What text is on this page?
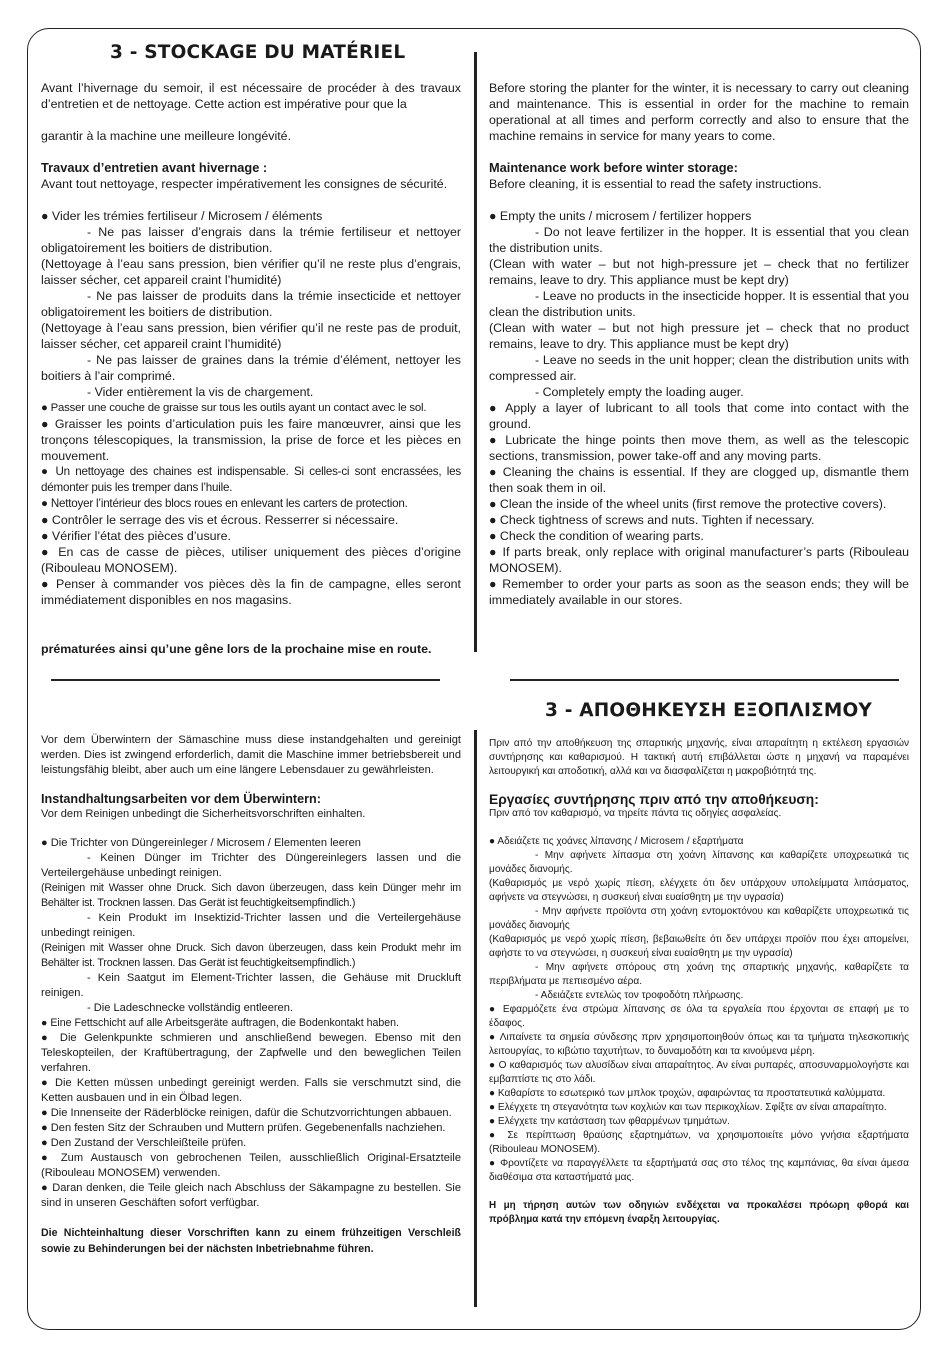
3 - STOCKAGE DU MATÉRIEL

Avant l’hivernage du semoir, il est nécessaire de procéder à des travaux d’entretien et de nettoyage. Cette action est impérative pour que la

garantir à la machine une meilleure longévité.

Travaux d’entretien avant hivernage :

Avant tout nettoyage, respecter impérativement les consignes de sécurité.

● Vider les trémies fertiliseur / Microsem / éléments

- Ne pas laisser d’engrais dans la trémie fertiliseur et nettoyer obligatoirement les boitiers de distribution.

(Nettoyage à l’eau sans pression, bien vérifier qu’il ne reste plus d’engrais, laisser sécher, cet appareil craint l’humidité)

- Ne pas laisser de produits dans la trémie insecticide et nettoyer obligatoirement les boitiers de distribution.

(Nettoyage à l’eau sans pression, bien vérifier qu’il ne reste pas de produit, laisser sécher, cet appareil craint l’humidité)

- Ne pas laisser de graines dans la trémie d’élément, nettoyer les boitiers à l’air comprimé.

- Vider entièrement la vis de chargement.

● Passer une couche de graisse sur tous les outils ayant un contact avec le sol.

● Graisser les points d’articulation puis les faire manœuvrer, ainsi que les tronçons télescopiques, la transmission, la prise de force et les pièces en mouvement.

● Un nettoyage des chaines est indispensable. Si celles-ci sont encrassées, les démonter puis les tremper dans l’huile.

● Nettoyer l’intérieur des blocs roues en enlevant les carters de protection.

● Contrôler le serrage des vis et écrous. Resserrer si nécessaire.

● Vérifier l’état des pièces d’usure.

● En cas de casse de pièces, utiliser uniquement des pièces d’origine (Ribouleau MONOSEM).

● Penser à commander vos pièces dès la fin de campagne, elles seront immédiatement disponibles en nos magasins.

prématurées ainsi qu’une gêne lors de la prochaine mise en route.

Before storing the planter for the winter, it is necessary to carry out cleaning and maintenance. This is essential in order for the machine to remain operational at all times and perform correctly and also to ensure that the machine remains in service for many years to come.

Maintenance work before winter storage:

Before cleaning, it is essential to read the safety instructions.

● Empty the units / microsem / fertilizer hoppers

- Do not leave fertilizer in the hopper. It is essential that you clean the distribution units.

(Clean with water – but not high-pressure jet – check that no fertilizer remains, leave to dry. This appliance must be kept dry)

- Leave no products in the insecticide hopper. It is essential that you clean the distribution units.

(Clean with water – but not high pressure jet – check that no product remains, leave to dry. This appliance must be kept dry)

- Leave no seeds in the unit hopper; clean the distribution units with compressed air.

- Completely empty the loading auger.

● Apply a layer of lubricant to all tools that come into contact with the ground.

● Lubricate the hinge points then move them, as well as the telescopic sections, transmission, power take-off and any moving parts.

● Cleaning the chains is essential. If they are clogged up, dismantle them then soak them in oil.

● Clean the inside of the wheel units (first remove the protective covers).

● Check tightness of screws and nuts. Tighten if necessary.

● Check the condition of wearing parts.

● If parts break, only replace with original manufacturer’s parts (Ribouleau MONOSEM).

● Remember to order your parts as soon as the season ends; they will be immediately available in our stores.

Vor dem Überwintern der Sämaschine muss diese instandgehalten und gereinigt werden. Dies ist zwingend erforderlich, damit die Maschine immer betriebsbereit und leistungsfähig bleibt, aber auch um eine längere Lebensdauer zu gewährleisten.

Instandhaltungsarbeiten vor dem Überwintern:

Vor dem Reinigen unbedingt die Sicherheitsvorschriften einhalten.

● Die Trichter von Düngereinleger / Microsem / Elementen leeren

- Keinen Dünger im Trichter des Düngereinlegers lassen und die Verteilergehäuse unbedingt reinigen.

(Reinigen mit Wasser ohne Druck. Sich davon überzeugen, dass kein Dünger mehr im Behälter ist. Trocknen lassen. Das Gerät ist feuchtigkeitsempfindlich.)

- Kein Produkt im Insektizid-Trichter lassen und die Verteilergehäuse unbedingt reinigen.

(Reinigen mit Wasser ohne Druck. Sich davon überzeugen, dass kein Produkt mehr im Behälter ist. Trocknen lassen. Das Gerät ist feuchtigkeitsempfindlich.)

- Kein Saatgut im Element-Trichter lassen, die Gehäuse mit Druckluft reinigen.

- Die Ladeschnecke vollständig entleeren.

● Eine Fettschicht auf alle Arbeitsgeräte auftragen, die Bodenkontakt haben.

● Die Gelenkpunkte schmieren und anschließend bewegen. Ebenso mit den Teleskopteilen, der Kraftübertragung, der Zapfwelle und den beweglichen Teilen verfahren.

● Die Ketten müssen unbedingt gereinigt werden. Falls sie verschmutzt sind, die Ketten ausbauen und in ein Ölbad legen.

● Die Innenseite der Räderblöcke reinigen, dafür die Schutzvorrichtungen abbauen.

● Den festen Sitz der Schrauben und Muttern prüfen. Gegebenenfalls nachziehen.

● Den Zustand der Verschleißteile prüfen.

● Zum Austausch von gebrochenen Teilen, ausschließlich Original-Ersatzteile (Ribouleau MONOSEM) verwenden.

● Daran denken, die Teile gleich nach Abschluss der Säkampagne zu bestellen. Sie sind in unseren Geschäften sofort verfügbar.

Die Nichteinhaltung dieser Vorschriften kann zu einem frühzeitigen Verschleiß sowie zu Behinderungen bei der nächsten Inbetriebnahme führen.

3 - ΑΠΟΘΗΚΕΥΣΗ ΕΞΟΠΛΙΣΜΟΥ

Πριν από την αποθήκευση της σπαρτικής μηχανής, είναι απαραίτητη η εκτέλεση εργασιών συντήρησης και καθαρισμού. Η τακτική αυτή επιβάλλεται ώστε η μηχανή να παραμένει λειτουργική και αποδοτική, αλλά και να διασφαλίζεται η μακροβιότητά της.

Εργασίες συντήρησης πριν από την αποθήκευση:

Πριν από τον καθαρισμό, να τηρείτε πάντα τις οδηγίες ασφαλείας.

● Αδειάζετε τις χοάνες λίπανσης / Microsem / εξαρτήματα

- Μην αφήνετε λίπασμα στη χοάνη λίπανσης και καθαρίζετε υποχρεωτικά τις μονάδες διανομής.

(Καθαρισμός με νερό χωρίς πίεση, ελέγχετε ότι δεν υπάρχουν υπολείμματα λιπάσματος, αφήνετε να στεγνώσει, η συσκευή είναι ευαίσθητη με την υγρασία)

- Μην αφήνετε προϊόντα στη χοάνη εντομοκτόνου και καθαρίζετε υποχρεωτικά τις μονάδες διανομής

(Καθαρισμός με νερό χωρίς πίεση, βεβαιωθείτε ότι δεν υπάρχει προϊόν που έχει απομείνει, αφήστε το να στεγνώσει, η συσκευή είναι ευαίσθητη με την υγρασία)

- Μην αφήνετε σπόρους στη χοάνη της σπαρτικής μηχανής, καθαρίζετε τα περιβλήματα με πεπιεσμένο αέρα.

- Αδειάζετε εντελώς τον τροφοδότη πλήρωσης.

● Εφαρμόζετε ένα στρώμα λίπανσης σε όλα τα εργαλεία που έρχονται σε επαφή με το έδαφος.

● Λιπαίνετε τα σημεία σύνδεσης πριν χρησιμοποιηθούν όπως και τα τμήματα τηλεσκοπικής λειτουργίας, το κιβώτιο ταχυτήτων, το δυναμοδότη και τα κινούμενα μέρη.

● Ο καθαρισμός των αλυσίδων είναι απαραίτητος. Αν είναι ρυπαρές, αποσυναρμολογήστε και εμβαπτίστε τις στο λάδι.

● Καθαρίστε το εσωτερικό των μπλοκ τροχών, αφαιρώντας τα προστατευτικά καλύμματα.

● Ελέγχετε τη στεγανότητα των κοχλιών και των περικοχλίων. Σφίξτε αν είναι απαραίτητο.

● Ελέγχετε την κατάσταση των φθαρμένων τμημάτων.

● Σε περίπτωση θραύσης εξαρτημάτων, να χρησιμοποιείτε μόνο γνήσια εξαρτήματα (Ribouleau MONOSEM).

● Φροντίζετε να παραγγέλλετε τα εξαρτήματά σας στο τέλος της καμπάνιας, θα είναι άμεσα διαθέσιμα στα καταστήματά μας.

Η μη τήρηση αυτών των οδηγιών ενδέχεται να προκαλέσει πρόωρη φθορά και πρόβλημα κατά την επόμενη έναρξη λειτουργίας.
